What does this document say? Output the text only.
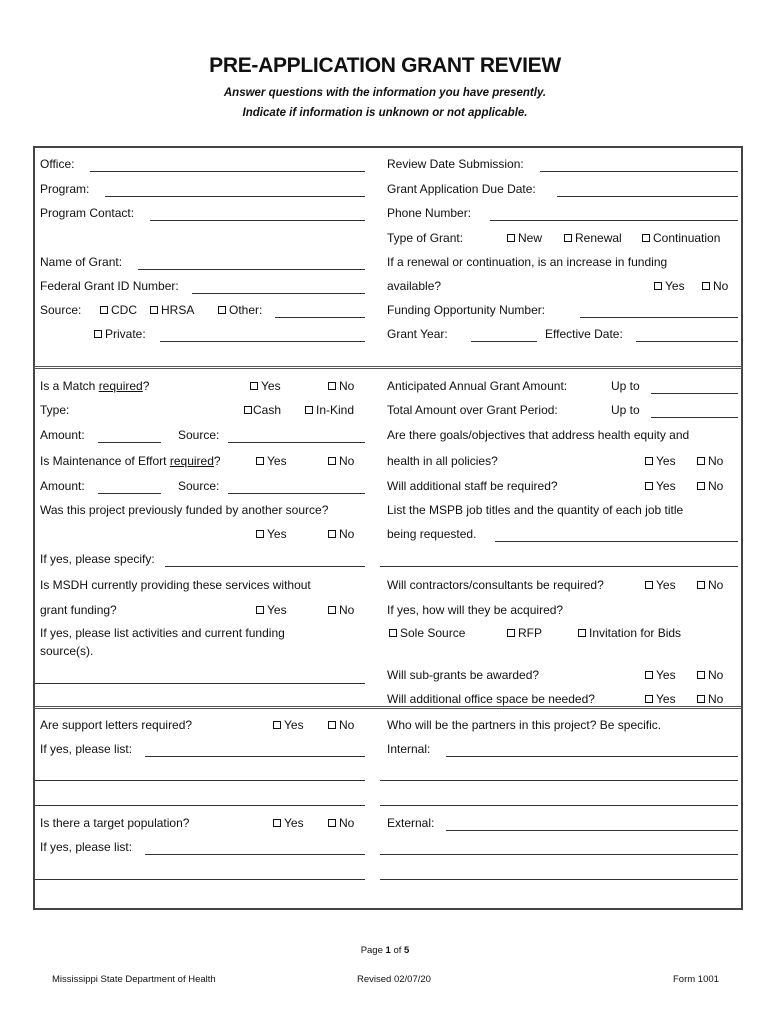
PRE-APPLICATION GRANT REVIEW
Answer questions with the information you have presently.
Indicate if information is unknown or not applicable.
Office:
Program:
Program Contact:
Name of Grant:
Federal Grant ID Number:
Source:	CDC	HRSA	Other:
Private:
Review Date Submission:
Grant Application Due Date:
Phone Number:
Type of Grant:	New	Renewal	Continuation
If a renewal or continuation, is an increase in funding
available?	Yes	No
Funding Opportunity Number:
Grant Year:	Effective Date:
Is a Match required?	Yes	No
Type:	Cash	In-Kind
Amount:	Source:
Is Maintenance of Effort required?	Yes	No
Amount:	Source:
Was this project previously funded by another source?
Yes	No
If yes, please specify:
Is MSDH currently providing these services without
grant funding?	Yes	No
If yes, please list activities and current funding
source(s).
Anticipated Annual Grant Amount:	Up to
Total Amount over Grant Period:	Up to
Are there goals/objectives that address health equity and
health in all policies?	Yes	No
Will additional staff be required?	Yes	No
List the MSPB job titles and the quantity of each job title
being requested.
Will contractors/consultants be required?	Yes	No
If yes, how will they be acquired?
Sole Source	RFP	Invitation for Bids
Will sub-grants be awarded?	Yes	No
Will additional office space be needed?	Yes	No
Are support letters required?	Yes	No
If yes, please list:
Is there a target population?	Yes	No
If yes, please list:
Who will be the partners in this project? Be specific.
Internal:
External:
Page 1 of 5
Mississippi State Department of Health	Revised 02/07/20	Form 1001
